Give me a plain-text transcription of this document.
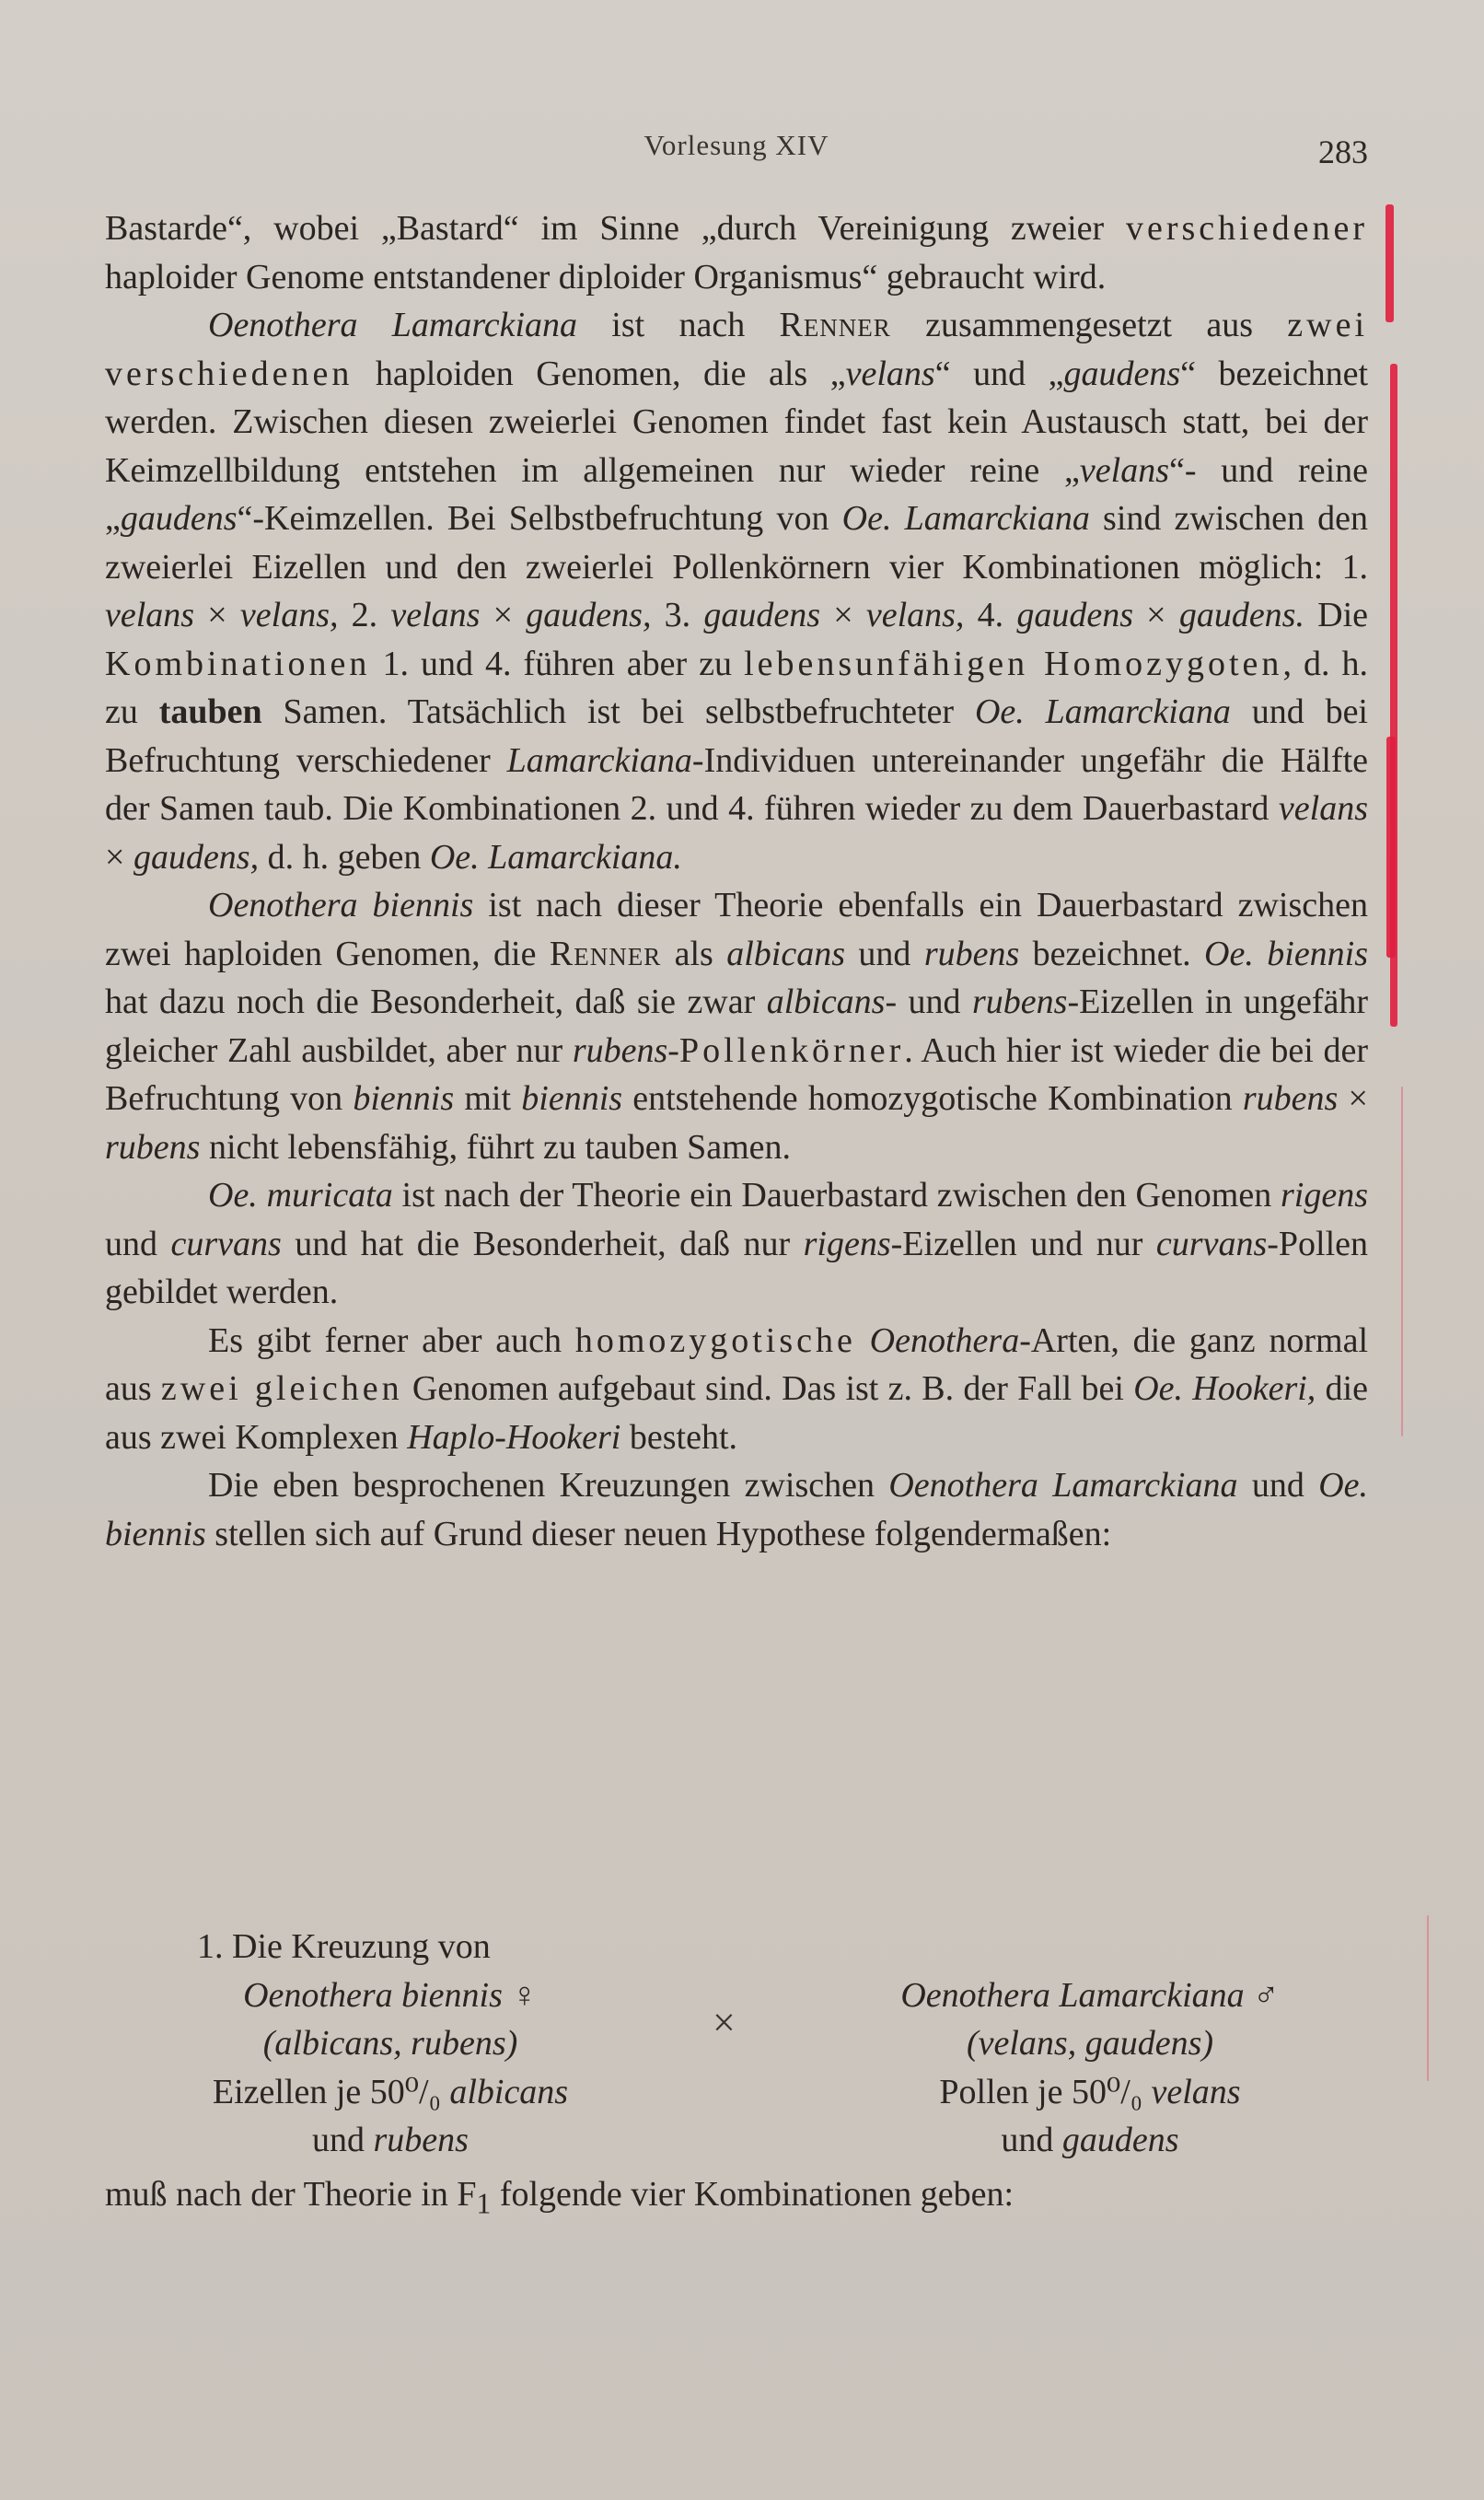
Vorlesung XIV	283

Bastarde“, wobei „Bastard“ im Sinne „durch Vereinigung zweier verschiedener haploider Genome entstandener diploider Organismus“ gebraucht wird.

Oenothera Lamarckiana ist nach Renner zusammengesetzt aus zwei verschiedenen haploiden Genomen, die als „velans“ und „gaudens“ bezeichnet werden. Zwischen diesen zweierlei Genomen findet fast kein Austausch statt, bei der Keimzellbildung entstehen im allgemeinen nur wieder reine „velans“- und reine „gaudens“-Keimzellen. Bei Selbstbefruchtung von Oe. Lamarckiana sind zwischen den zweierlei Eizellen und den zweierlei Pollenkörnern vier Kombinationen möglich: 1. velans × velans, 2. velans × gaudens, 3. gaudens × velans, 4. gaudens × gaudens. Die Kombinationen 1. und 4. führen aber zu lebensunfähigen Homozygoten, d. h. zu tauben Samen. Tatsächlich ist bei selbstbefruchteter Oe. Lamarckiana und bei Befruchtung verschiedener Lamarckiana-Individuen untereinander ungefähr die Hälfte der Samen taub. Die Kombinationen 2. und 4. führen wieder zu dem Dauerbastard velans × gaudens, d. h. geben Oe. Lamarckiana.

Oenothera biennis ist nach dieser Theorie ebenfalls ein Dauerbastard zwischen zwei haploiden Genomen, die Renner als albicans und rubens bezeichnet. Oe. biennis hat dazu noch die Besonderheit, daß sie zwar albicans- und rubens-Eizellen in ungefähr gleicher Zahl ausbildet, aber nur rubens-Pollenkörner. Auch hier ist wieder die bei der Befruchtung von biennis mit biennis entstehende homozygotische Kombination rubens × rubens nicht lebensfähig, führt zu tauben Samen.

Oe. muricata ist nach der Theorie ein Dauerbastard zwischen den Genomen rigens und curvans und hat die Besonderheit, daß nur rigens-Eizellen und nur curvans-Pollen gebildet werden.

Es gibt ferner aber auch homozygotische Oenothera-Arten, die ganz normal aus zwei gleichen Genomen aufgebaut sind. Das ist z. B. der Fall bei Oe. Hookeri, die aus zwei Komplexen Haplo-Hookeri besteht.

Die eben besprochenen Kreuzungen zwischen Oenothera Lamarckiana und Oe. biennis stellen sich auf Grund dieser neuen Hypothese folgendermaßen:

1. Die Kreuzung von
Oenothera biennis ♀
(albicans, rubens)
Eizellen je 50⁰/₀ albicans
und rubens
×
Oenothera Lamarckiana ♂
(velans, gaudens)
Pollen je 50⁰/₀ velans
und gaudens
muß nach der Theorie in $F_1$ folgende vier Kombinationen geben:
